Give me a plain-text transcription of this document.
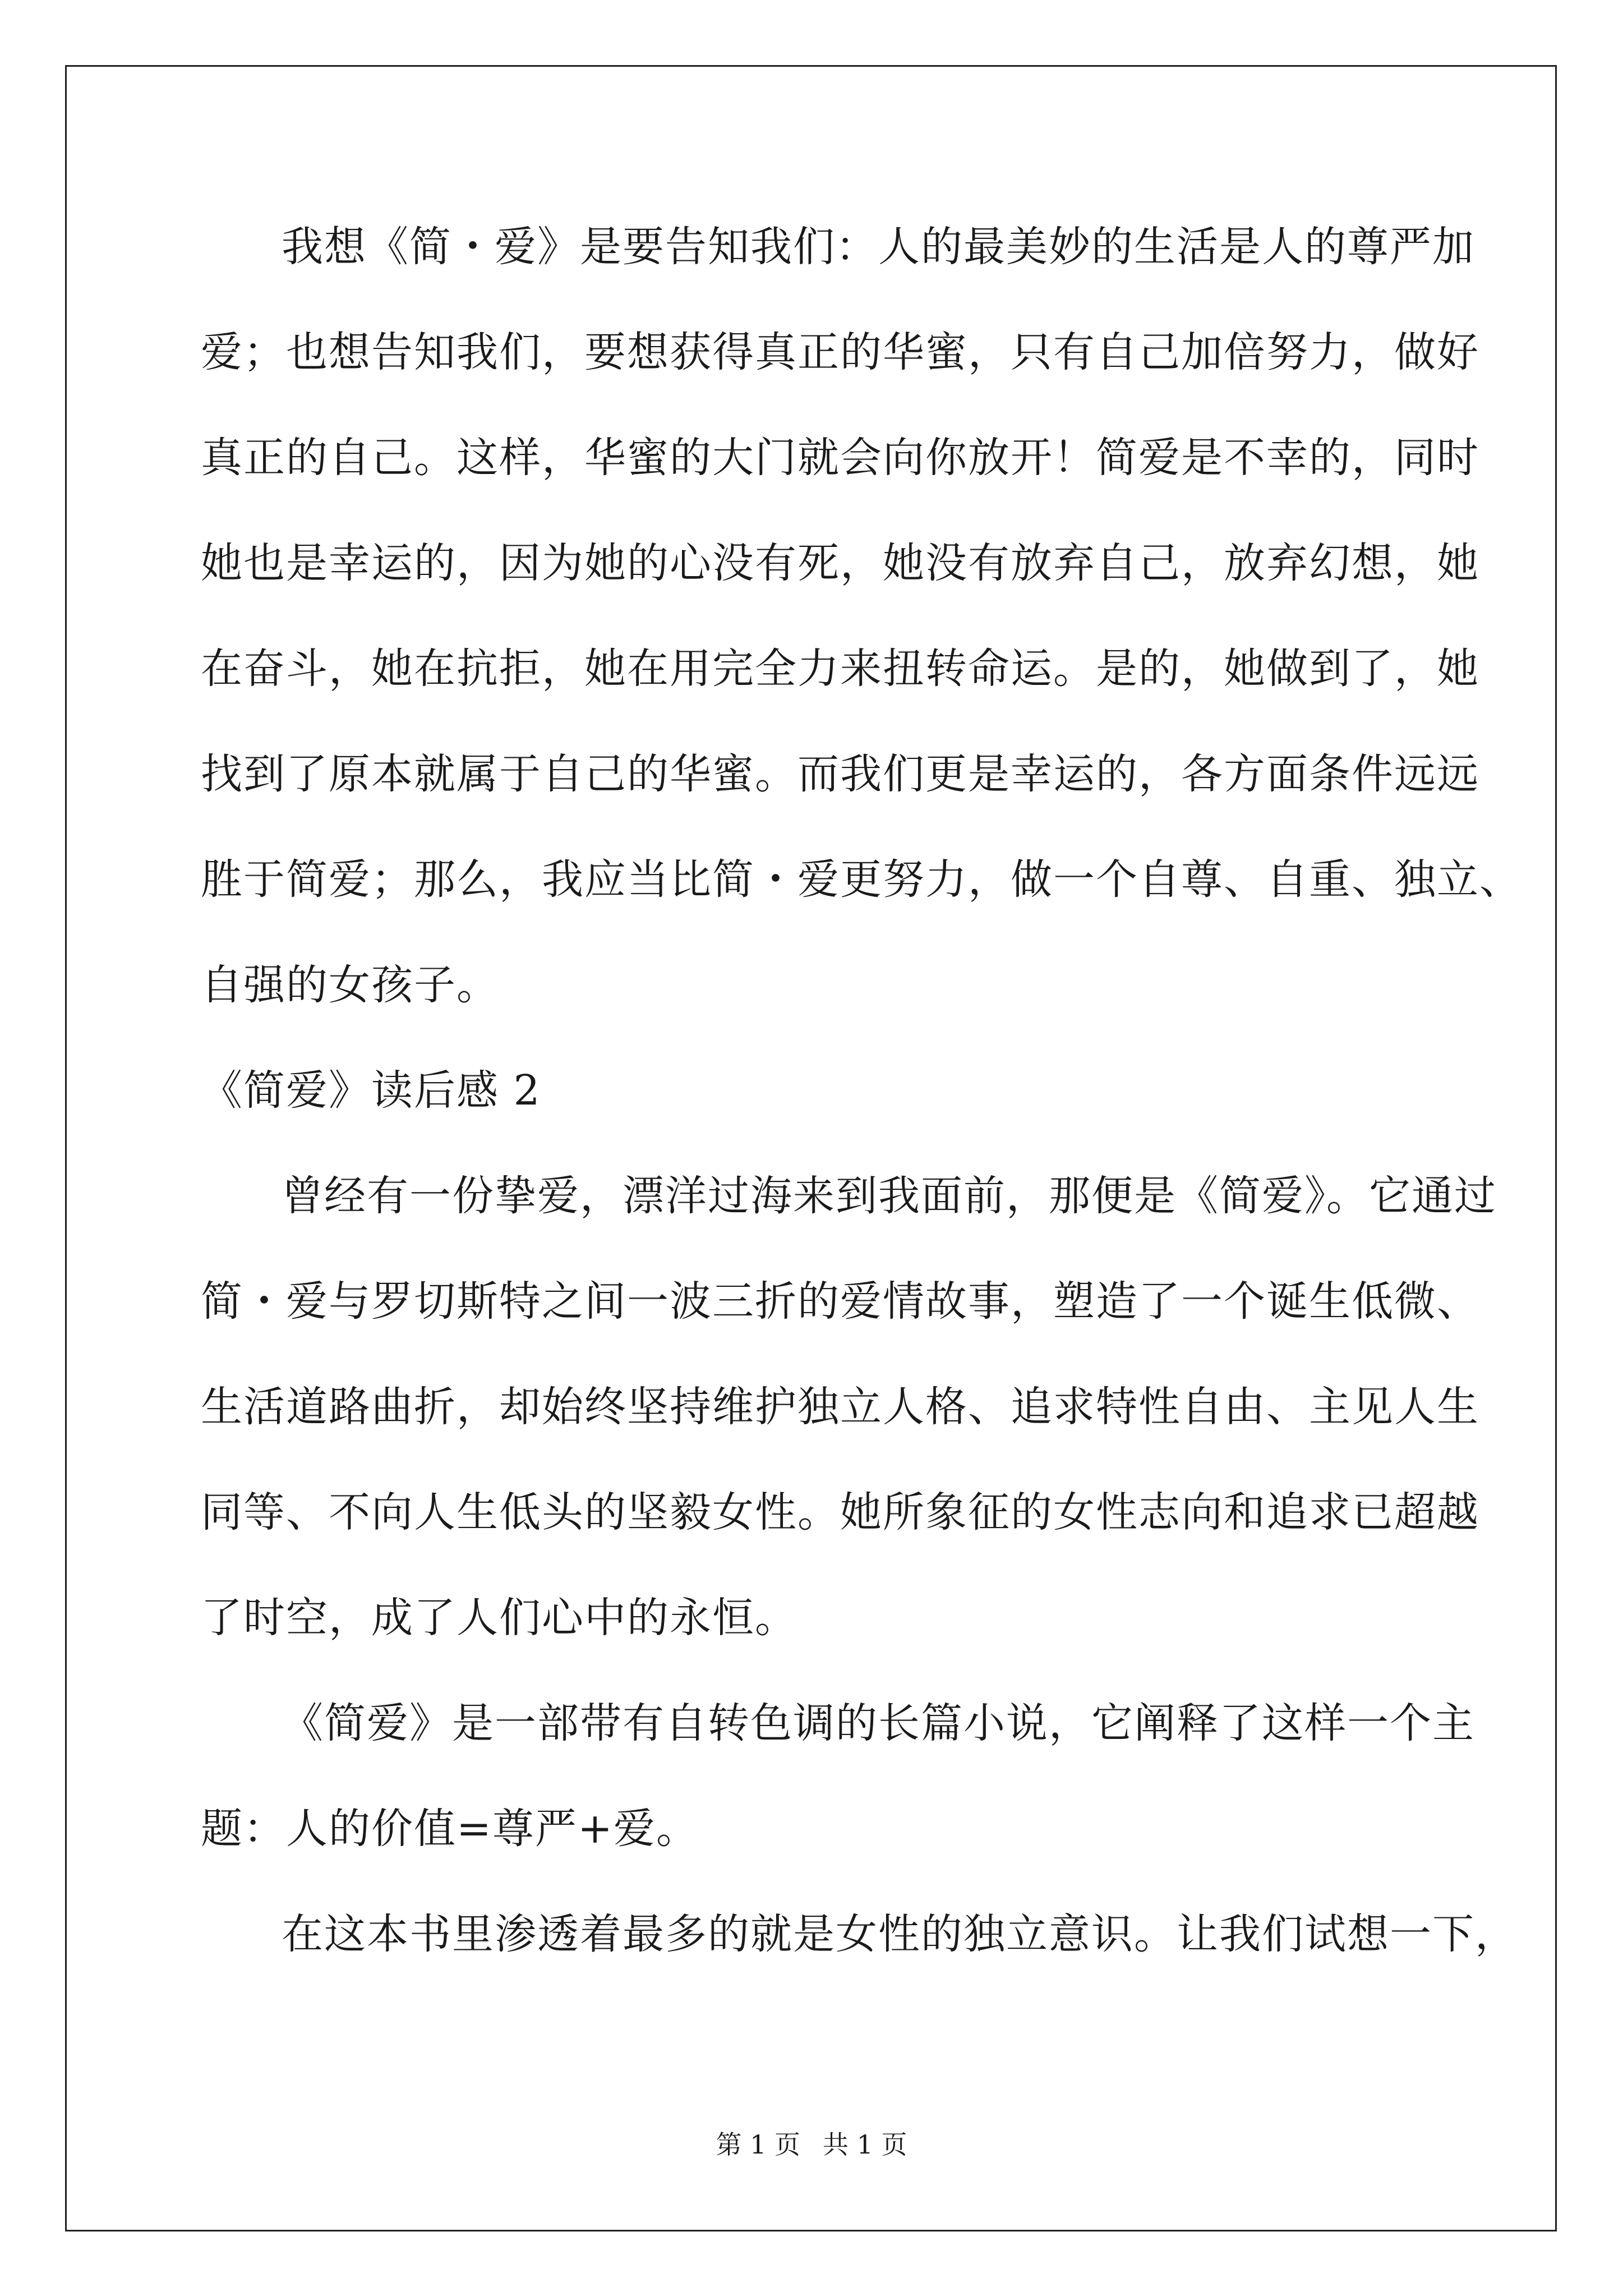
我想《简・爱》是要告知我们：人的最美妙的生活是人的尊严加
爱；也想告知我们，要想获得真正的华蜜，只有自己加倍努力，做好
真正的自己。这样，华蜜的大门就会向你放开！简爱是不幸的，同时
她也是幸运的，因为她的心没有死，她没有放弃自己，放弃幻想，她
在奋斗，她在抗拒，她在用完全力来扭转命运。是的，她做到了，她
找到了原本就属于自己的华蜜。而我们更是幸运的，各方面条件远远
胜于简爱；那么，我应当比简・爱更努力，做一个自尊、自重、独立、
自强的女孩子。
《简爱》读后感 2
曾经有一份挚爱，漂洋过海来到我面前，那便是《简爱》。它通过
简・爱与罗切斯特之间一波三折的爱情故事，塑造了一个诞生低微、
生活道路曲折，却始终坚持维护独立人格、追求特性自由、主见人生
同等、不向人生低头的坚毅女性。她所象征的女性志向和追求已超越
了时空，成了人们心中的永恒。
《简爱》是一部带有自转色调的长篇小说，它阐释了这样一个主
题：人的价值=尊严+爱。
在这本书里渗透着最多的就是女性的独立意识。让我们试想一下，
第 1 页 共 1 页
